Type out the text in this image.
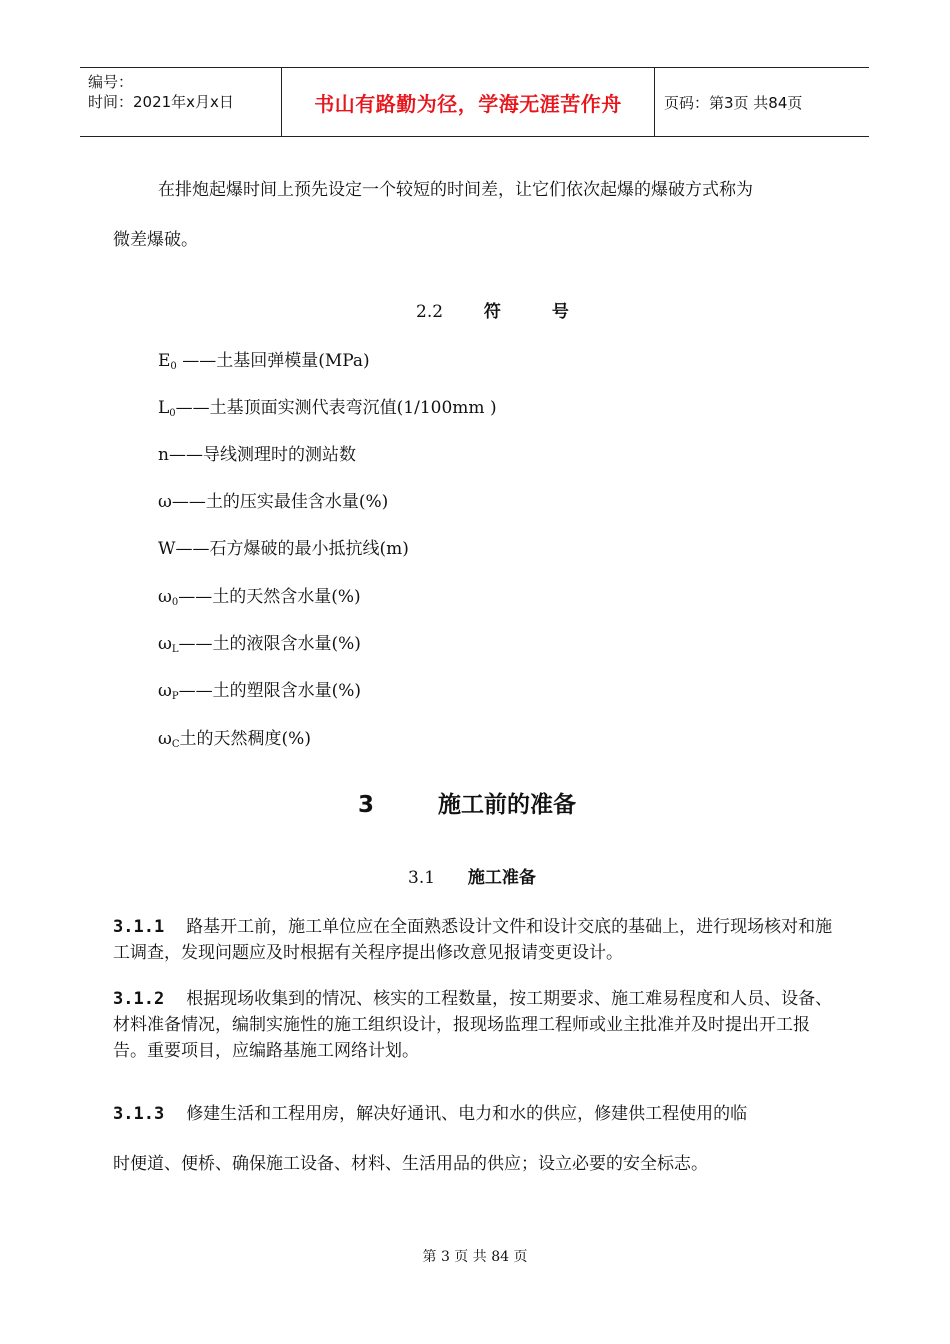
编号：
时间：2021年x月x日	书山有路勤为径，学海无涯苦作舟	页码：第3页 共84页
在排炮起爆时间上预先设定一个较短的时间差，让它们依次起爆的爆破方式称为
微差爆破。
2.2 符　　　号
$E_0$ ——土基回弹模量(MPa)
$L_0——$土基顶面实测代表弯沉值(1/100mm )
n——导线测理时的测站数
ω——土的压实最佳含水量(%)
W——石方爆破的最小抵抗线(m)
$\omega_0——$土的天然含水量(%)
$\omega_L——$土的液限含水量(%)
$\omega_P——$土的塑限含水量(%)
$\omega_C$土的天然稠度(%)
3	施工前的准备
3.1 施工准备
3.1.1 路基开工前，施工单位应在全面熟悉设计文件和设计交底的基础上，进行现场核对和施工调查，发现问题应及时根据有关程序提出修改意见报请变更设计。
3.1.2 根据现场收集到的情况、核实的工程数量，按工期要求、施工难易程度和人员、设备、材料准备情况，编制实施性的施工组织设计，报现场监理工程师或业主批准并及时提出开工报告。重要项目，应编路基施工网络计划。
3.1.3 修建生活和工程用房，解决好通讯、电力和水的供应，修建供工程使用的临
时便道、便桥、确保施工设备、材料、生活用品的供应；设立必要的安全标志。
第 3 页 共 84 页
